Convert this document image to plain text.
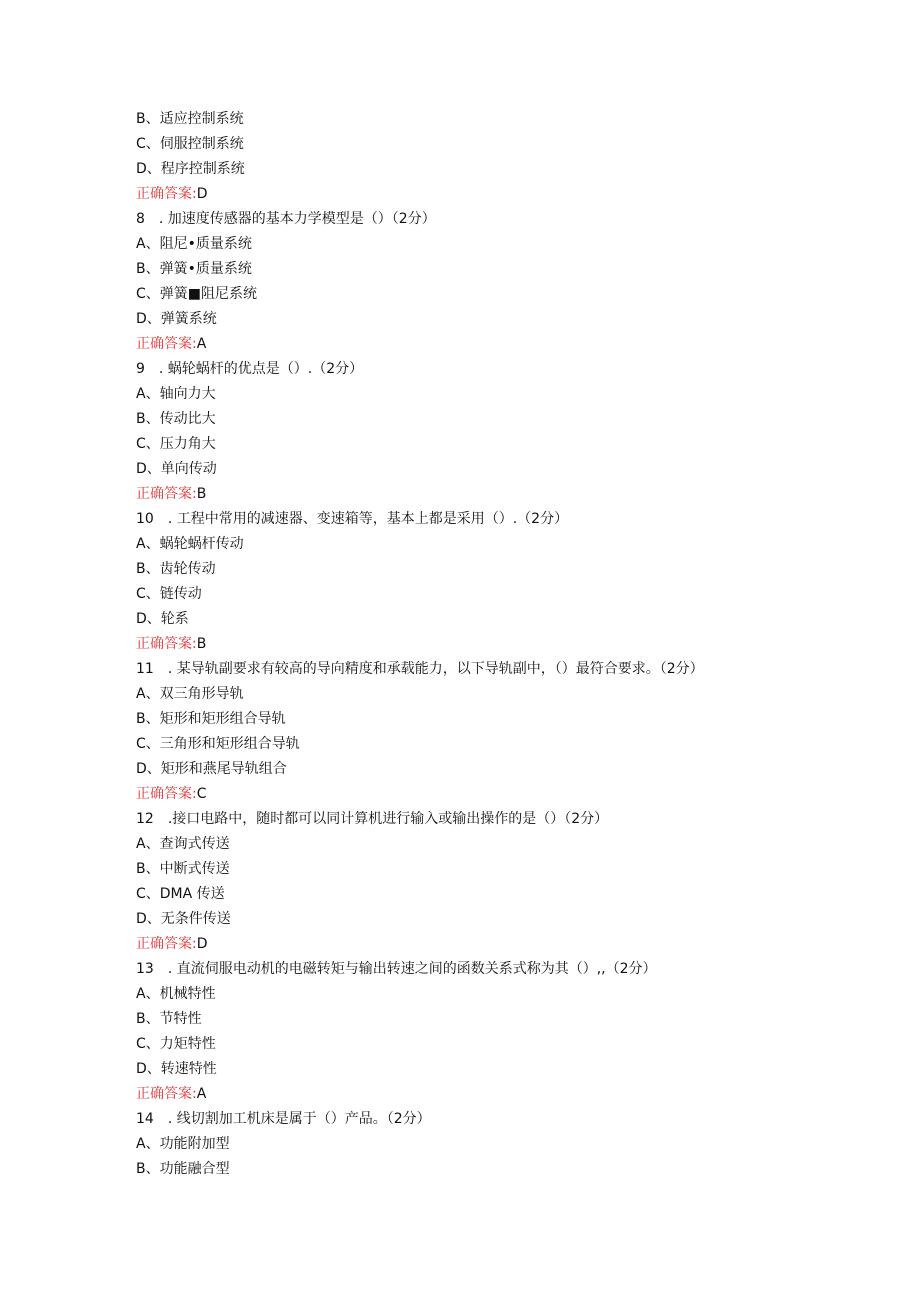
B、适应控制系统
C、伺服控制系统
D、程序控制系统
正确答案:D
8　. 加速度传感器的基本力学模型是（）（2分）
A、阻尼•质量系统
B、弹簧•质量系统
C、弹簧■阻尼系统
D、弹簧系统
正确答案:A
9　. 蜗轮蜗杆的优点是（）.（2分）
A、轴向力大
B、传动比大
C、压力角大
D、单向传动
正确答案:B
10　. 工程中常用的减速器、变速箱等，基本上都是采用（）.（2分）
A、蜗轮蜗杆传动
B、齿轮传动
C、链传动
D、轮系
正确答案:B
11　. 某导轨副要求有较高的导向精度和承载能力，以下导轨副中，（）最符合要求。（2分）
A、双三角形导轨
B、矩形和矩形组合导轨
C、三角形和矩形组合导轨
D、矩形和燕尾导轨组合
正确答案:C
12　.接口电路中，随时都可以同计算机进行输入或输出操作的是（）（2分）
A、查询式传送
B、中断式传送
C、DMA 传送
D、无条件传送
正确答案:D
13　. 直流伺服电动机的电磁转矩与输出转速之间的函数关系式称为其（）,,（2分）
A、机械特性
B、节特性
C、力矩特性
D、转速特性
正确答案:A
14　. 线切割加工机床是属于（）产品。（2分）
A、功能附加型
B、功能融合型
